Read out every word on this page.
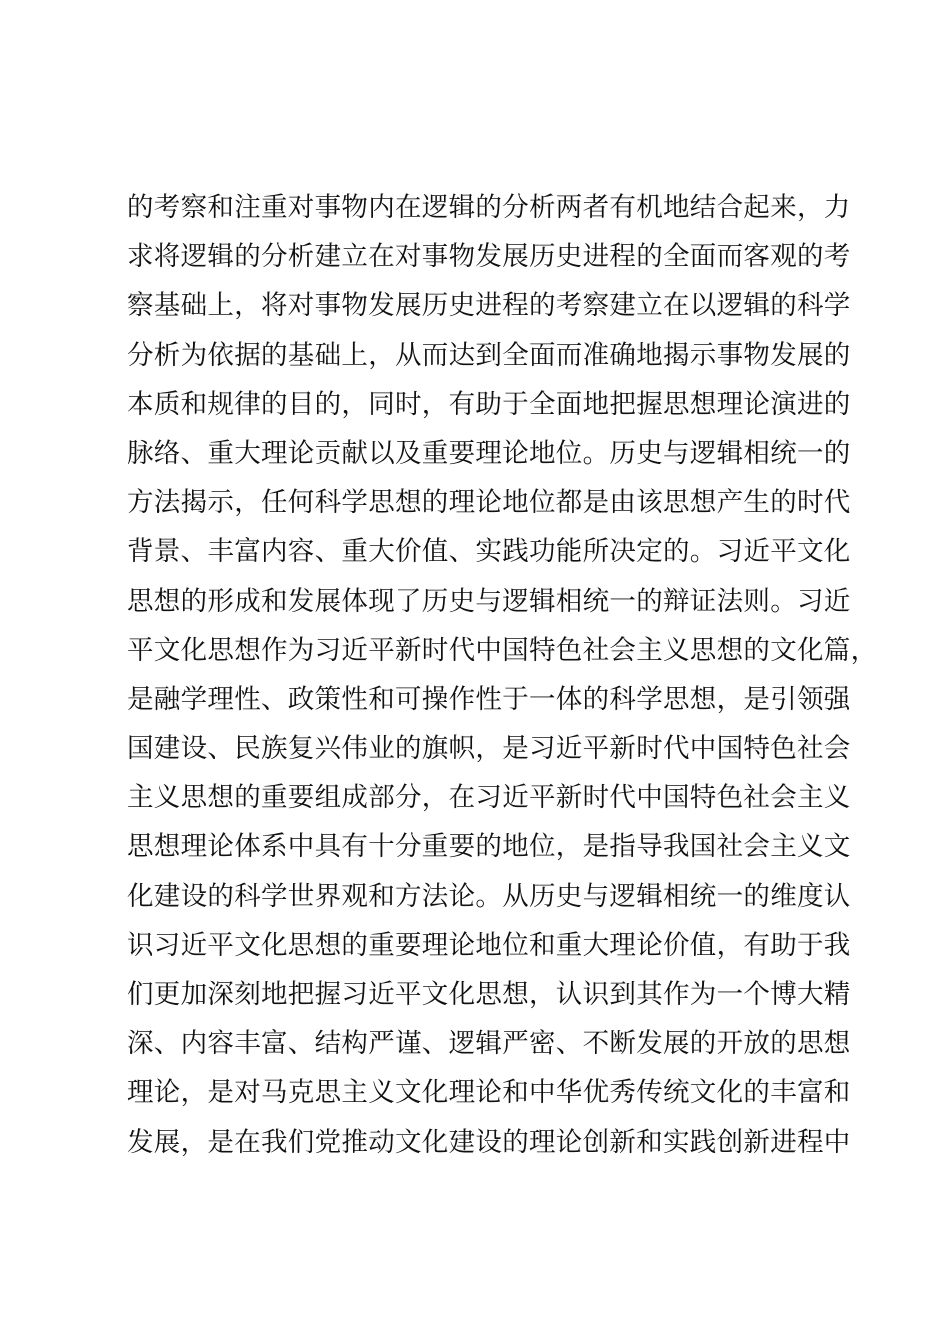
的考察和注重对事物内在逻辑的分析两者有机地结合起来，力
求将逻辑的分析建立在对事物发展历史进程的全面而客观的考
察基础上，将对事物发展历史进程的考察建立在以逻辑的科学
分析为依据的基础上，从而达到全面而准确地揭示事物发展的
本质和规律的目的，同时，有助于全面地把握思想理论演进的
脉络、重大理论贡献以及重要理论地位。历史与逻辑相统一的
方法揭示，任何科学思想的理论地位都是由该思想产生的时代
背景、丰富内容、重大价值、实践功能所决定的。习近平文化
思想的形成和发展体现了历史与逻辑相统一的辩证法则。习近
平文化思想作为习近平新时代中国特色社会主义思想的文化篇，
是融学理性、政策性和可操作性于一体的科学思想，是引领强
国建设、民族复兴伟业的旗帜，是习近平新时代中国特色社会
主义思想的重要组成部分，在习近平新时代中国特色社会主义
思想理论体系中具有十分重要的地位，是指导我国社会主义文
化建设的科学世界观和方法论。从历史与逻辑相统一的维度认
识习近平文化思想的重要理论地位和重大理论价值，有助于我
们更加深刻地把握习近平文化思想，认识到其作为一个博大精
深、内容丰富、结构严谨、逻辑严密、不断发展的开放的思想
理论，是对马克思主义文化理论和中华优秀传统文化的丰富和
发展，是在我们党推动文化建设的理论创新和实践创新进程中
